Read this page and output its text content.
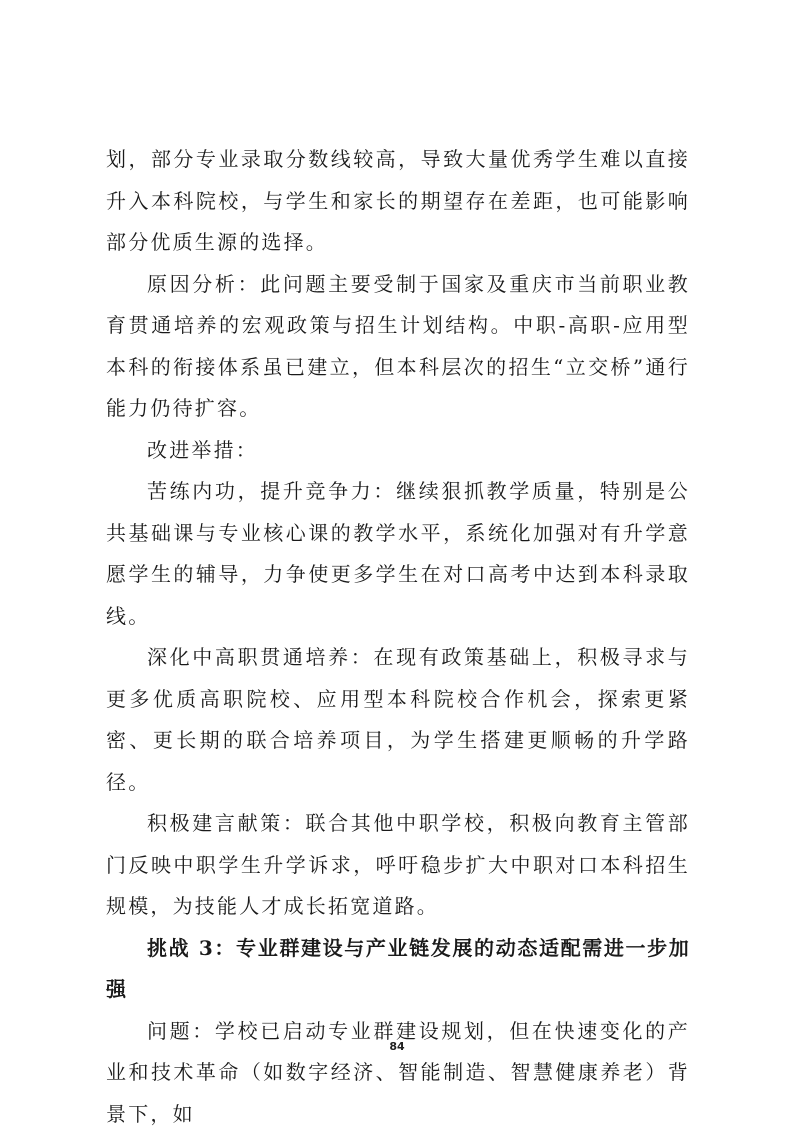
划，部分专业录取分数线较高，导致大量优秀学生难以直接升入本科院校，与学生和家长的期望存在差距，也可能影响部分优质生源的选择。

原因分析：此问题主要受制于国家及重庆市当前职业教育贯通培养的宏观政策与招生计划结构。中职-高职-应用型本科的衔接体系虽已建立，但本科层次的招生“立交桥”通行能力仍待扩容。

改进举措：

苦练内功，提升竞争力：继续狠抓教学质量，特别是公共基础课与专业核心课的教学水平，系统化加强对有升学意愿学生的辅导，力争使更多学生在对口高考中达到本科录取线。

深化中高职贯通培养：在现有政策基础上，积极寻求与更多优质高职院校、应用型本科院校合作机会，探索更紧密、更长期的联合培养项目，为学生搭建更顺畅的升学路径。

积极建言献策：联合其他中职学校，积极向教育主管部门反映中职学生升学诉求，呼吁稳步扩大中职对口本科招生规模，为技能人才成长拓宽道路。

挑战 3：专业群建设与产业链发展的动态适配需进一步加强

问题：学校已启动专业群建设规划，但在快速变化的产业和技术革命（如数字经济、智能制造、智慧健康养老）背景下，如

84
